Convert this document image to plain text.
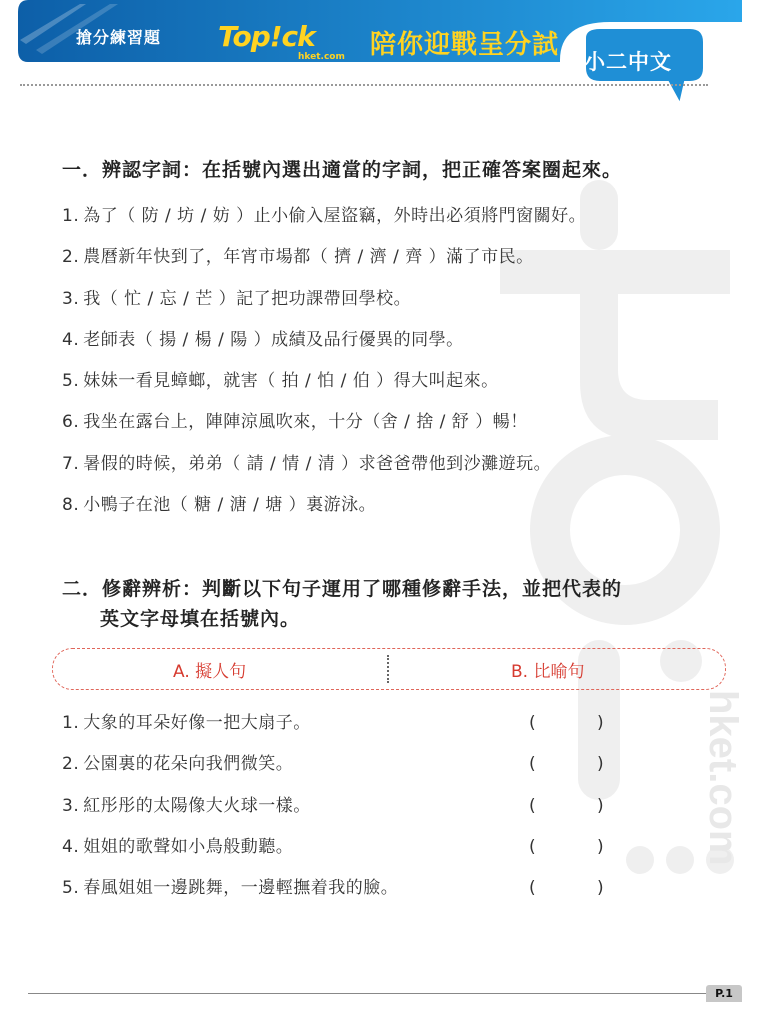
搶分練習題 Top!ck
hket.com 陪你迎戰呈分試
小二中文
hket.com
一．辨認字詞：在括號內選出適當的字詞，把正確答案圈起來。
1. 為了（ 防 / 坊 / 妨 ）止小偷入屋盜竊，外時出必須將門窗關好。
2. 農曆新年快到了，年宵市場都（ 擠 / 濟 / 齊 ）滿了市民。
3. 我（ 忙 / 忘 / 芒 ）記了把功課帶回學校。
4. 老師表（ 揚 / 楊 / 陽 ）成績及品行優異的同學。
5. 妹妹一看見蟑螂，就害（ 拍 / 怕 / 伯 ）得大叫起來。
6. 我坐在露台上，陣陣涼風吹來，十分（舍 / 捨 / 舒 ）暢！
7. 暑假的時候，弟弟（ 請 / 情 / 清 ）求爸爸帶他到沙灘遊玩。
8. 小鴨子在池（ 糖 / 溏 / 塘 ）裏游泳。
二．修辭辨析：判斷以下句子運用了哪種修辭手法，並把代表的
英文字母填在括號內。
A. 擬人句	B. 比喻句
1. 大象的耳朵好像一把大扇子。	(	)
2. 公園裏的花朵向我們微笑。	(	)
3. 紅彤彤的太陽像大火球一樣。	(	)
4. 姐姐的歌聲如小鳥般動聽。	(	)
5. 春風姐姐一邊跳舞，一邊輕撫着我的臉。	(	)
P.1
